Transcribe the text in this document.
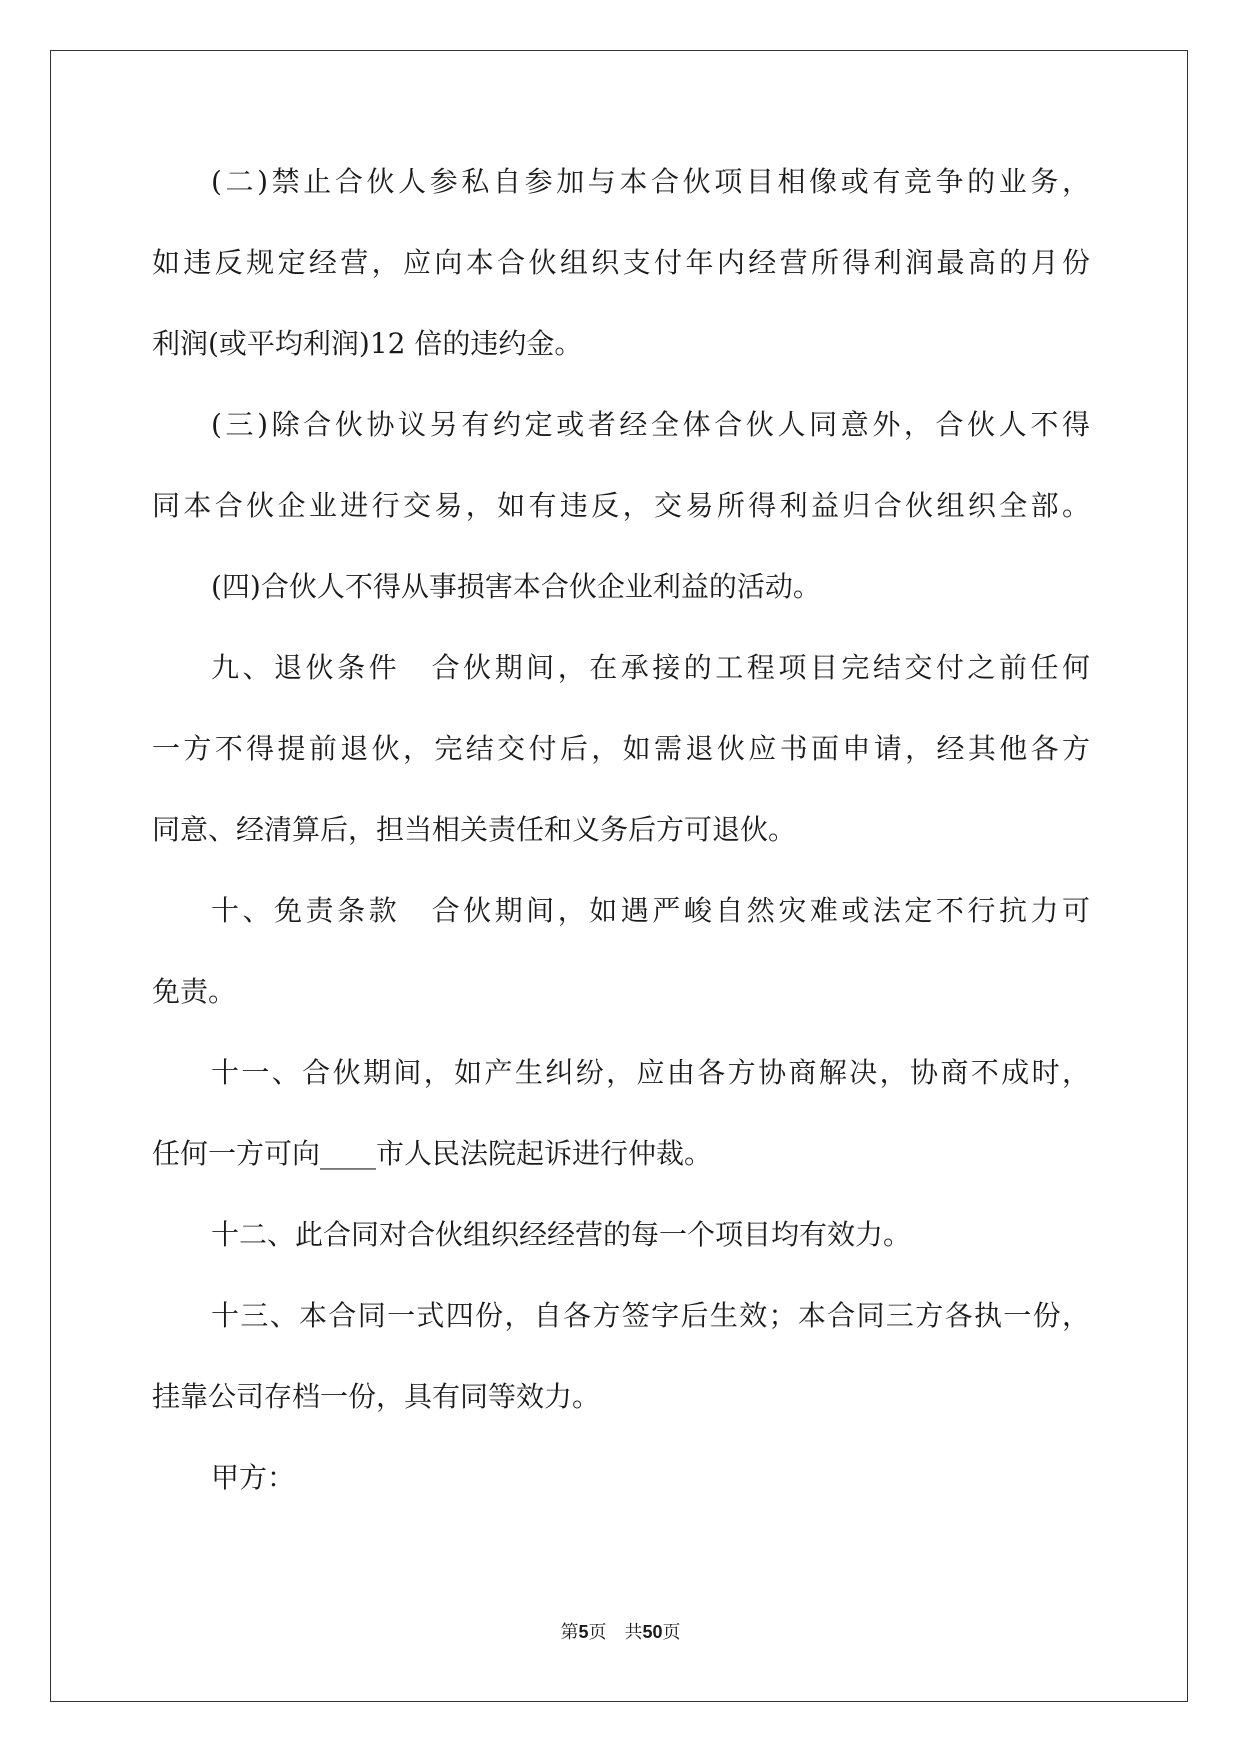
(二)禁止合伙人参私自参加与本合伙项目相像或有竞争的业务，
如违反规定经营，应向本合伙组织支付年内经营所得利润最高的月份
利润(或平均利润)12 倍的违约金。
(三)除合伙协议另有约定或者经全体合伙人同意外，合伙人不得
同本合伙企业进行交易，如有违反，交易所得利益归合伙组织全部。
(四)合伙人不得从事损害本合伙企业利益的活动。
九、退伙条件　合伙期间，在承接的工程项目完结交付之前任何
一方不得提前退伙，完结交付后，如需退伙应书面申请，经其他各方
同意、经清算后，担当相关责任和义务后方可退伙。
十、免责条款　合伙期间，如遇严峻自然灾难或法定不行抗力可
免责。
十一、合伙期间，如产生纠纷，应由各方协商解决，协商不成时，
任何一方可向____市人民法院起诉进行仲裁。
十二、此合同对合伙组织经经营的每一个项目均有效力。
十三、本合同一式四份，自各方签字后生效；本合同三方各执一份，
挂靠公司存档一份，具有同等效力。
甲方：
第5页 共50页
